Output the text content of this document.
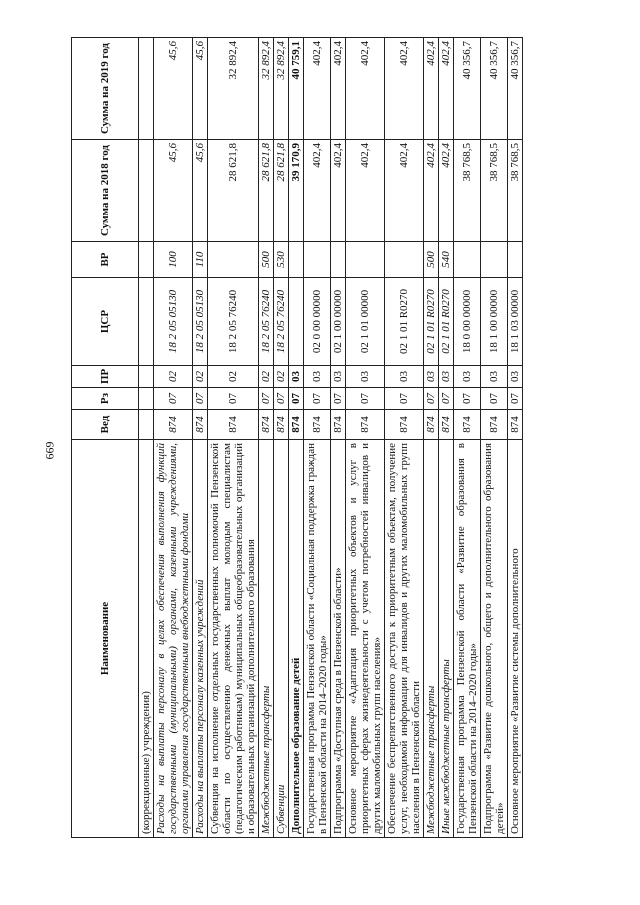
669
Наименование	Вед	Рз	ПР	ЦСР	ВР	Сумма на 2018 год	Сумма на 2019 год
(коррекционные) учреждения)							
Расходы на выплаты персоналу в целях обеспечения выполнения функций государственными (муниципальными) органами, казенными учреждениями, органами управления государственными внебюджетными фондами	874	07	02	18 2 05 05130	100	45,6	45,6
Расходы на выплаты персоналу казенных учреждений	874	07	02	18 2 05 05130	110	45,6	45,6
Субвенция на исполнение отдельных государственных полномочий Пензенской области по осуществлению денежных выплат молодым специалистам (педагогическим работникам) муниципальных общеобразовательных организаций и образовательных организаций дополнительного образования	874	07	02	18 2 05 76240		28 621,8	32 892,4
Межбюджетные трансферты	874	07	02	18 2 05 76240	500	28 621,8	32 892,4
Субвенции	874	07	02	18 2 05 76240	530	28 621,8	32 892,4
Дополнительное образование детей	874	07	03			39 170,9	40 759,1
Государственная программа Пензенской области «Социальная поддержка граждан в Пензенской области на 2014–2020 годы»	874	07	03	02 0 00 00000		402,4	402,4
Подпрограмма «Доступная среда в Пензенской области»	874	07	03	02 1 00 00000		402,4	402,4
Основное мероприятие «Адаптация приоритетных объектов и услуг в приоритетных сферах жизнедеятельности с учетом потребностей инвалидов и других маломобильных групп населения»	874	07	03	02 1 01 00000		402,4	402,4
Обеспечение беспрепятственного доступа к приоритетным объектам, получение услуг, необходимой информации для инвалидов и других маломобильных групп населения в Пензенской области	874	07	03	02 1 01 R0270		402,4	402,4
Межбюджетные трансферты	874	07	03	02 1 01 R0270	500	402,4	402,4
Иные межбюджетные трансферты	874	07	03	02 1 01 R0270	540	402,4	402,4
Государственная программа Пензенской области «Развитие образования в Пензенской области на 2014–2020 годы»	874	07	03	18 0 00 00000		38 768,5	40 356,7
Подпрограмма «Развитие дошкольного, общего и дополнительного образования детей»	874	07	03	18 1 00 00000		38 768,5	40 356,7
Основное мероприятие «Развитие системы дополнительного	874	07	03	18 1 03 00000		38 768,5	40 356,7
